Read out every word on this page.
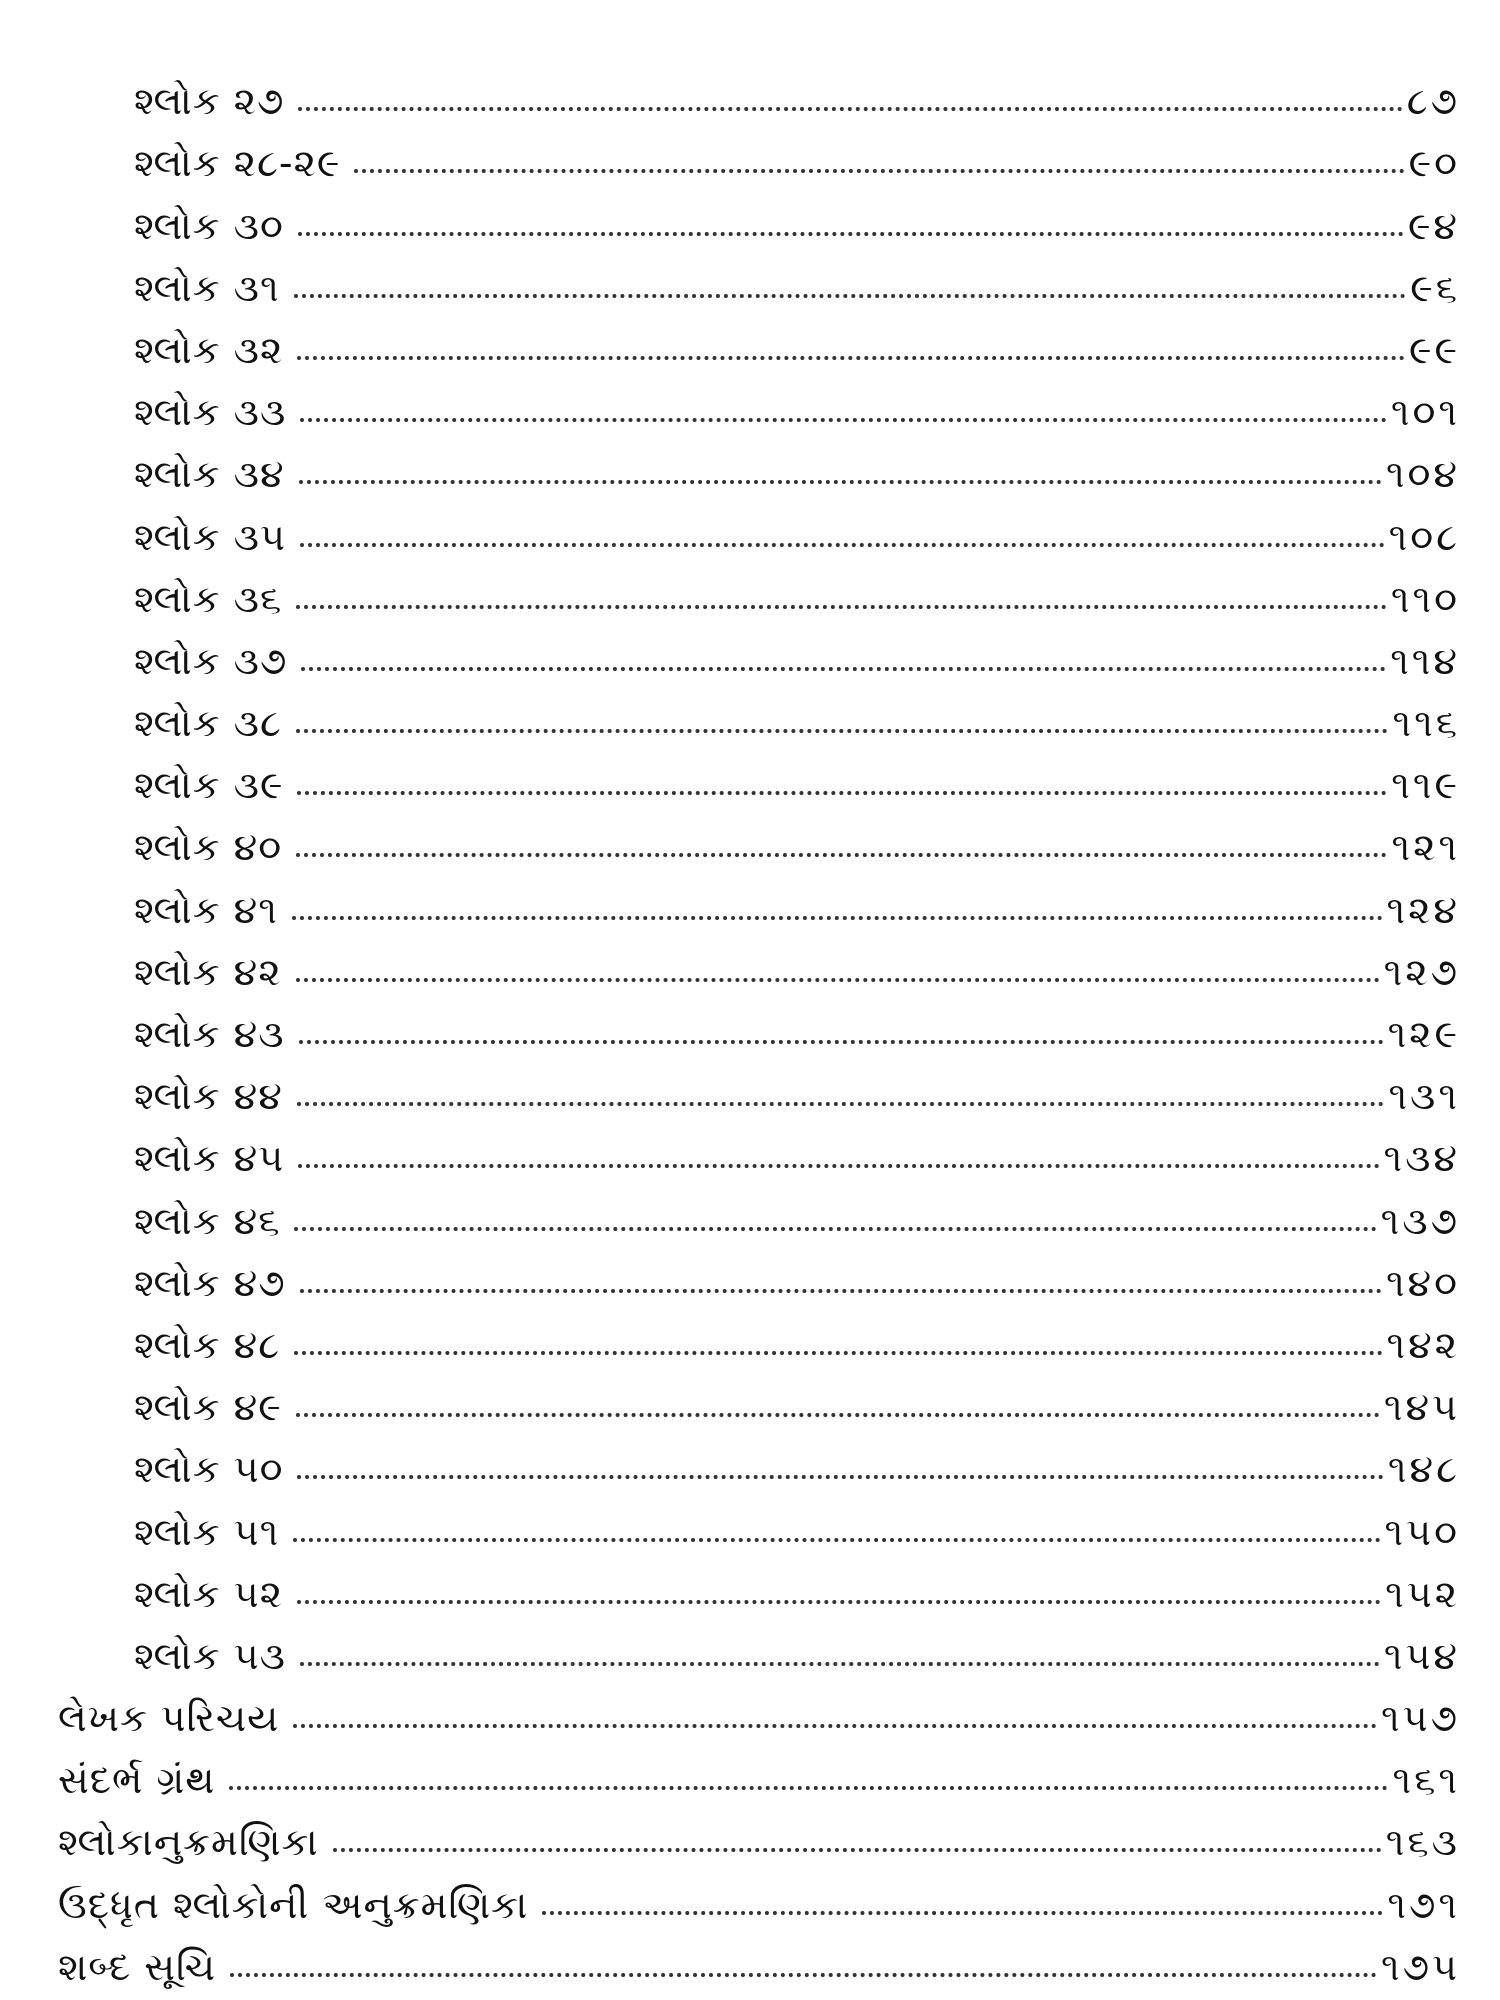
શ્લોક ૨૭	૮૭
શ્લોક ૨૮-૨૯	૯૦
શ્લોક ૩૦	૯૪
શ્લોક ૩૧	૯૬
શ્લોક ૩૨	૯૯
શ્લોક ૩૩	૧૦૧
શ્લોક ૩૪	૧૦૪
શ્લોક ૩૫	૧૦૮
શ્લોક ૩૬	૧૧૦
શ્લોક ૩૭	૧૧૪
શ્લોક ૩૮	૧૧૬
શ્લોક ૩૯	૧૧૯
શ્લોક ૪૦	૧૨૧
શ્લોક ૪૧	૧૨૪
શ્લોક ૪૨	૧૨૭
શ્લોક ૪૩	૧૨૯
શ્લોક ૪૪	૧૩૧
શ્લોક ૪૫	૧૩૪
શ્લોક ૪૬	૧૩૭
શ્લોક ૪૭	૧૪૦
શ્લોક ૪૮	૧૪૨
શ્લોક ૪૯	૧૪૫
શ્લોક ૫૦	૧૪૮
શ્લોક ૫૧	૧૫૦
શ્લોક ૫૨	૧૫૨
શ્લોક ૫૩	૧૫૪
લેખક પરિચય	૧૫૭
સંદર્ભ ગ્રંથ	૧૬૧
શ્લોકાનુક્રમણિકા	૧૬૩
ઉદ્ધૃત શ્લોકોની અનુક્રમણિકા	૧૭૧
શબ્દ સૂચિ	૧૭૫
